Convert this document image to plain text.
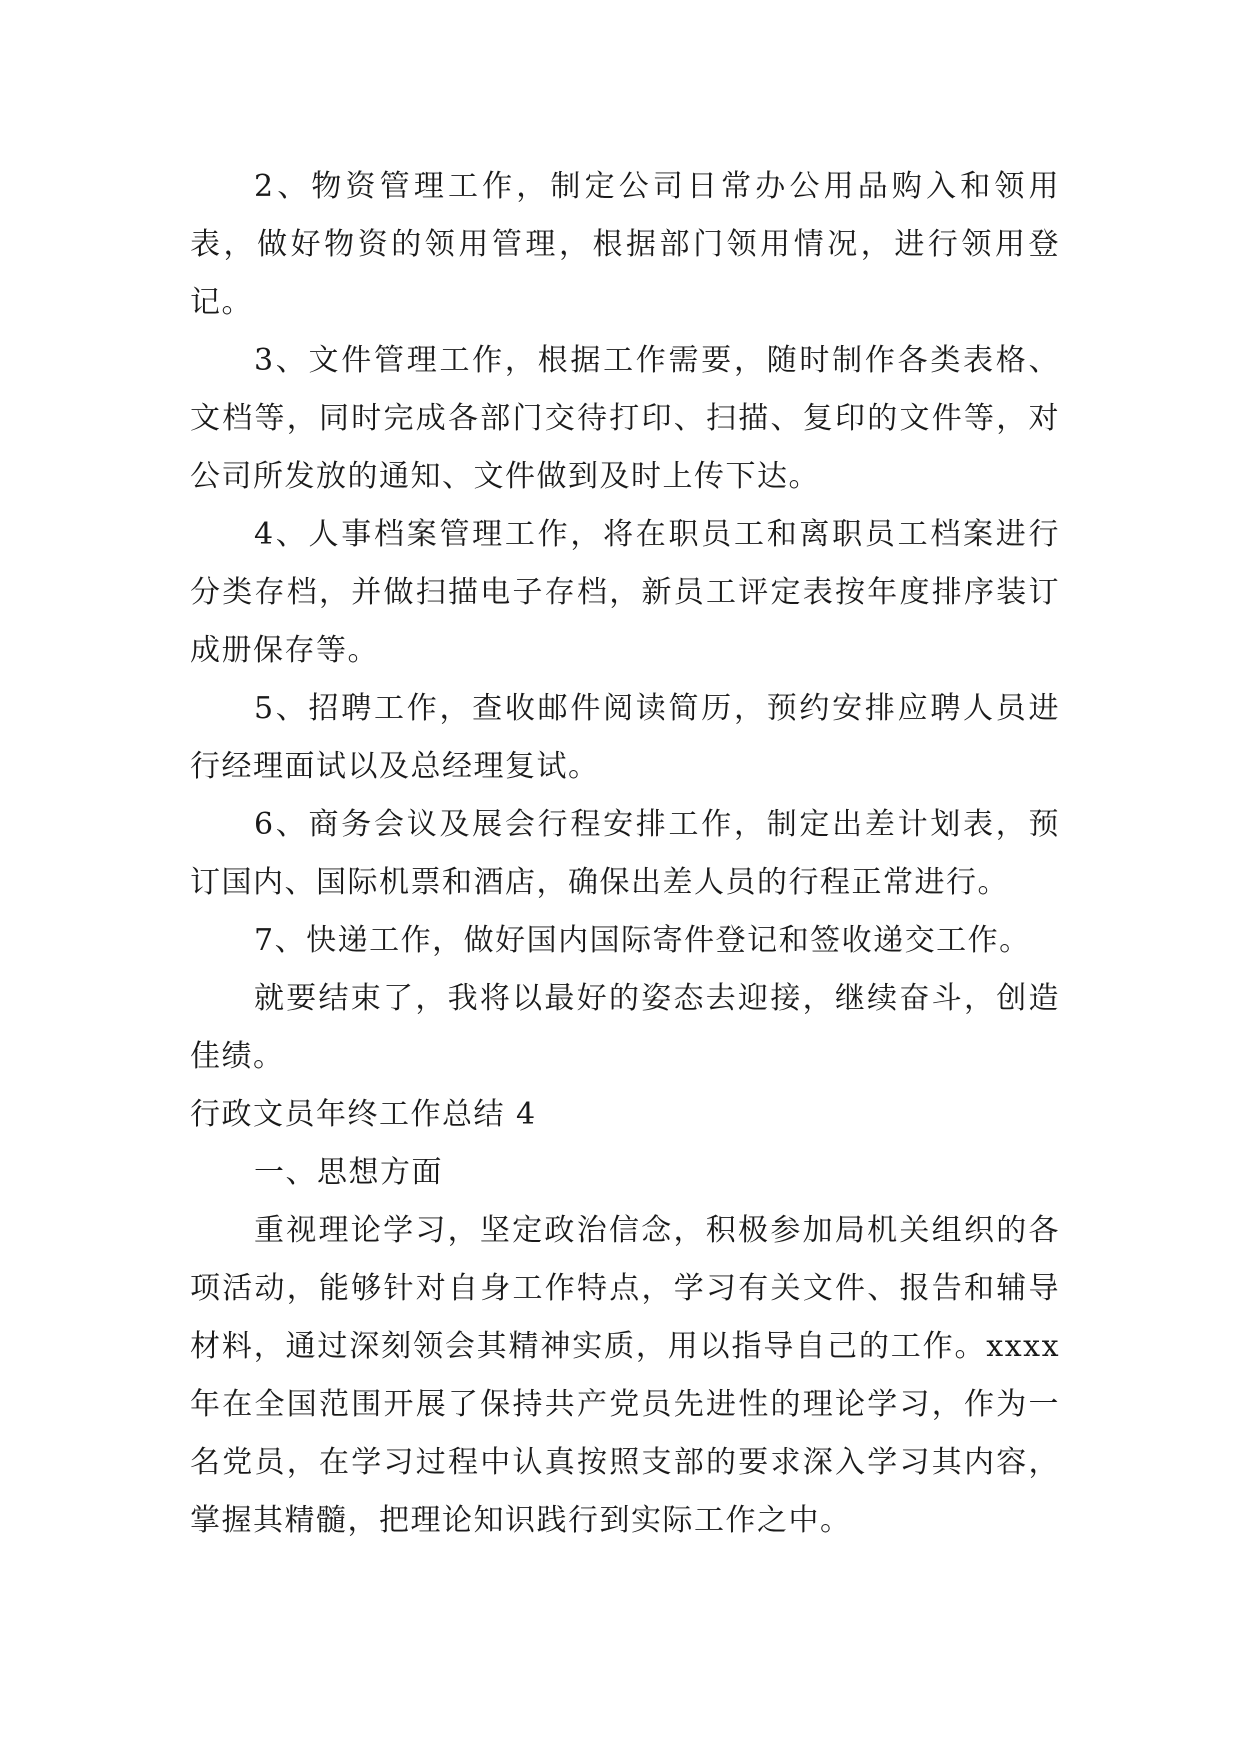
2、物资管理工作，制定公司日常办公用品购入和领用表，做好物资的领用管理，根据部门领用情况，进行领用登记。

3、文件管理工作，根据工作需要，随时制作各类表格、文档等，同时完成各部门交待打印、扫描、复印的文件等，对公司所发放的通知、文件做到及时上传下达。

4、人事档案管理工作，将在职员工和离职员工档案进行分类存档，并做扫描电子存档，新员工评定表按年度排序装订成册保存等。

5、招聘工作，查收邮件阅读简历，预约安排应聘人员进行经理面试以及总经理复试。

6、商务会议及展会行程安排工作，制定出差计划表，预订国内、国际机票和酒店，确保出差人员的行程正常进行。

7、快递工作，做好国内国际寄件登记和签收递交工作。

就要结束了，我将以最好的姿态去迎接，继续奋斗，创造佳绩。

行政文员年终工作总结 4

一、思想方面

重视理论学习，坚定政治信念，积极参加局机关组织的各项活动，能够针对自身工作特点，学习有关文件、报告和辅导材料，通过深刻领会其精神实质，用以指导自己的工作。xxxx 年在全国范围开展了保持共产党员先进性的理论学习，作为一名党员，在学习过程中认真按照支部的要求深入学习其内容，掌握其精髓，把理论知识践行到实际工作之中。
